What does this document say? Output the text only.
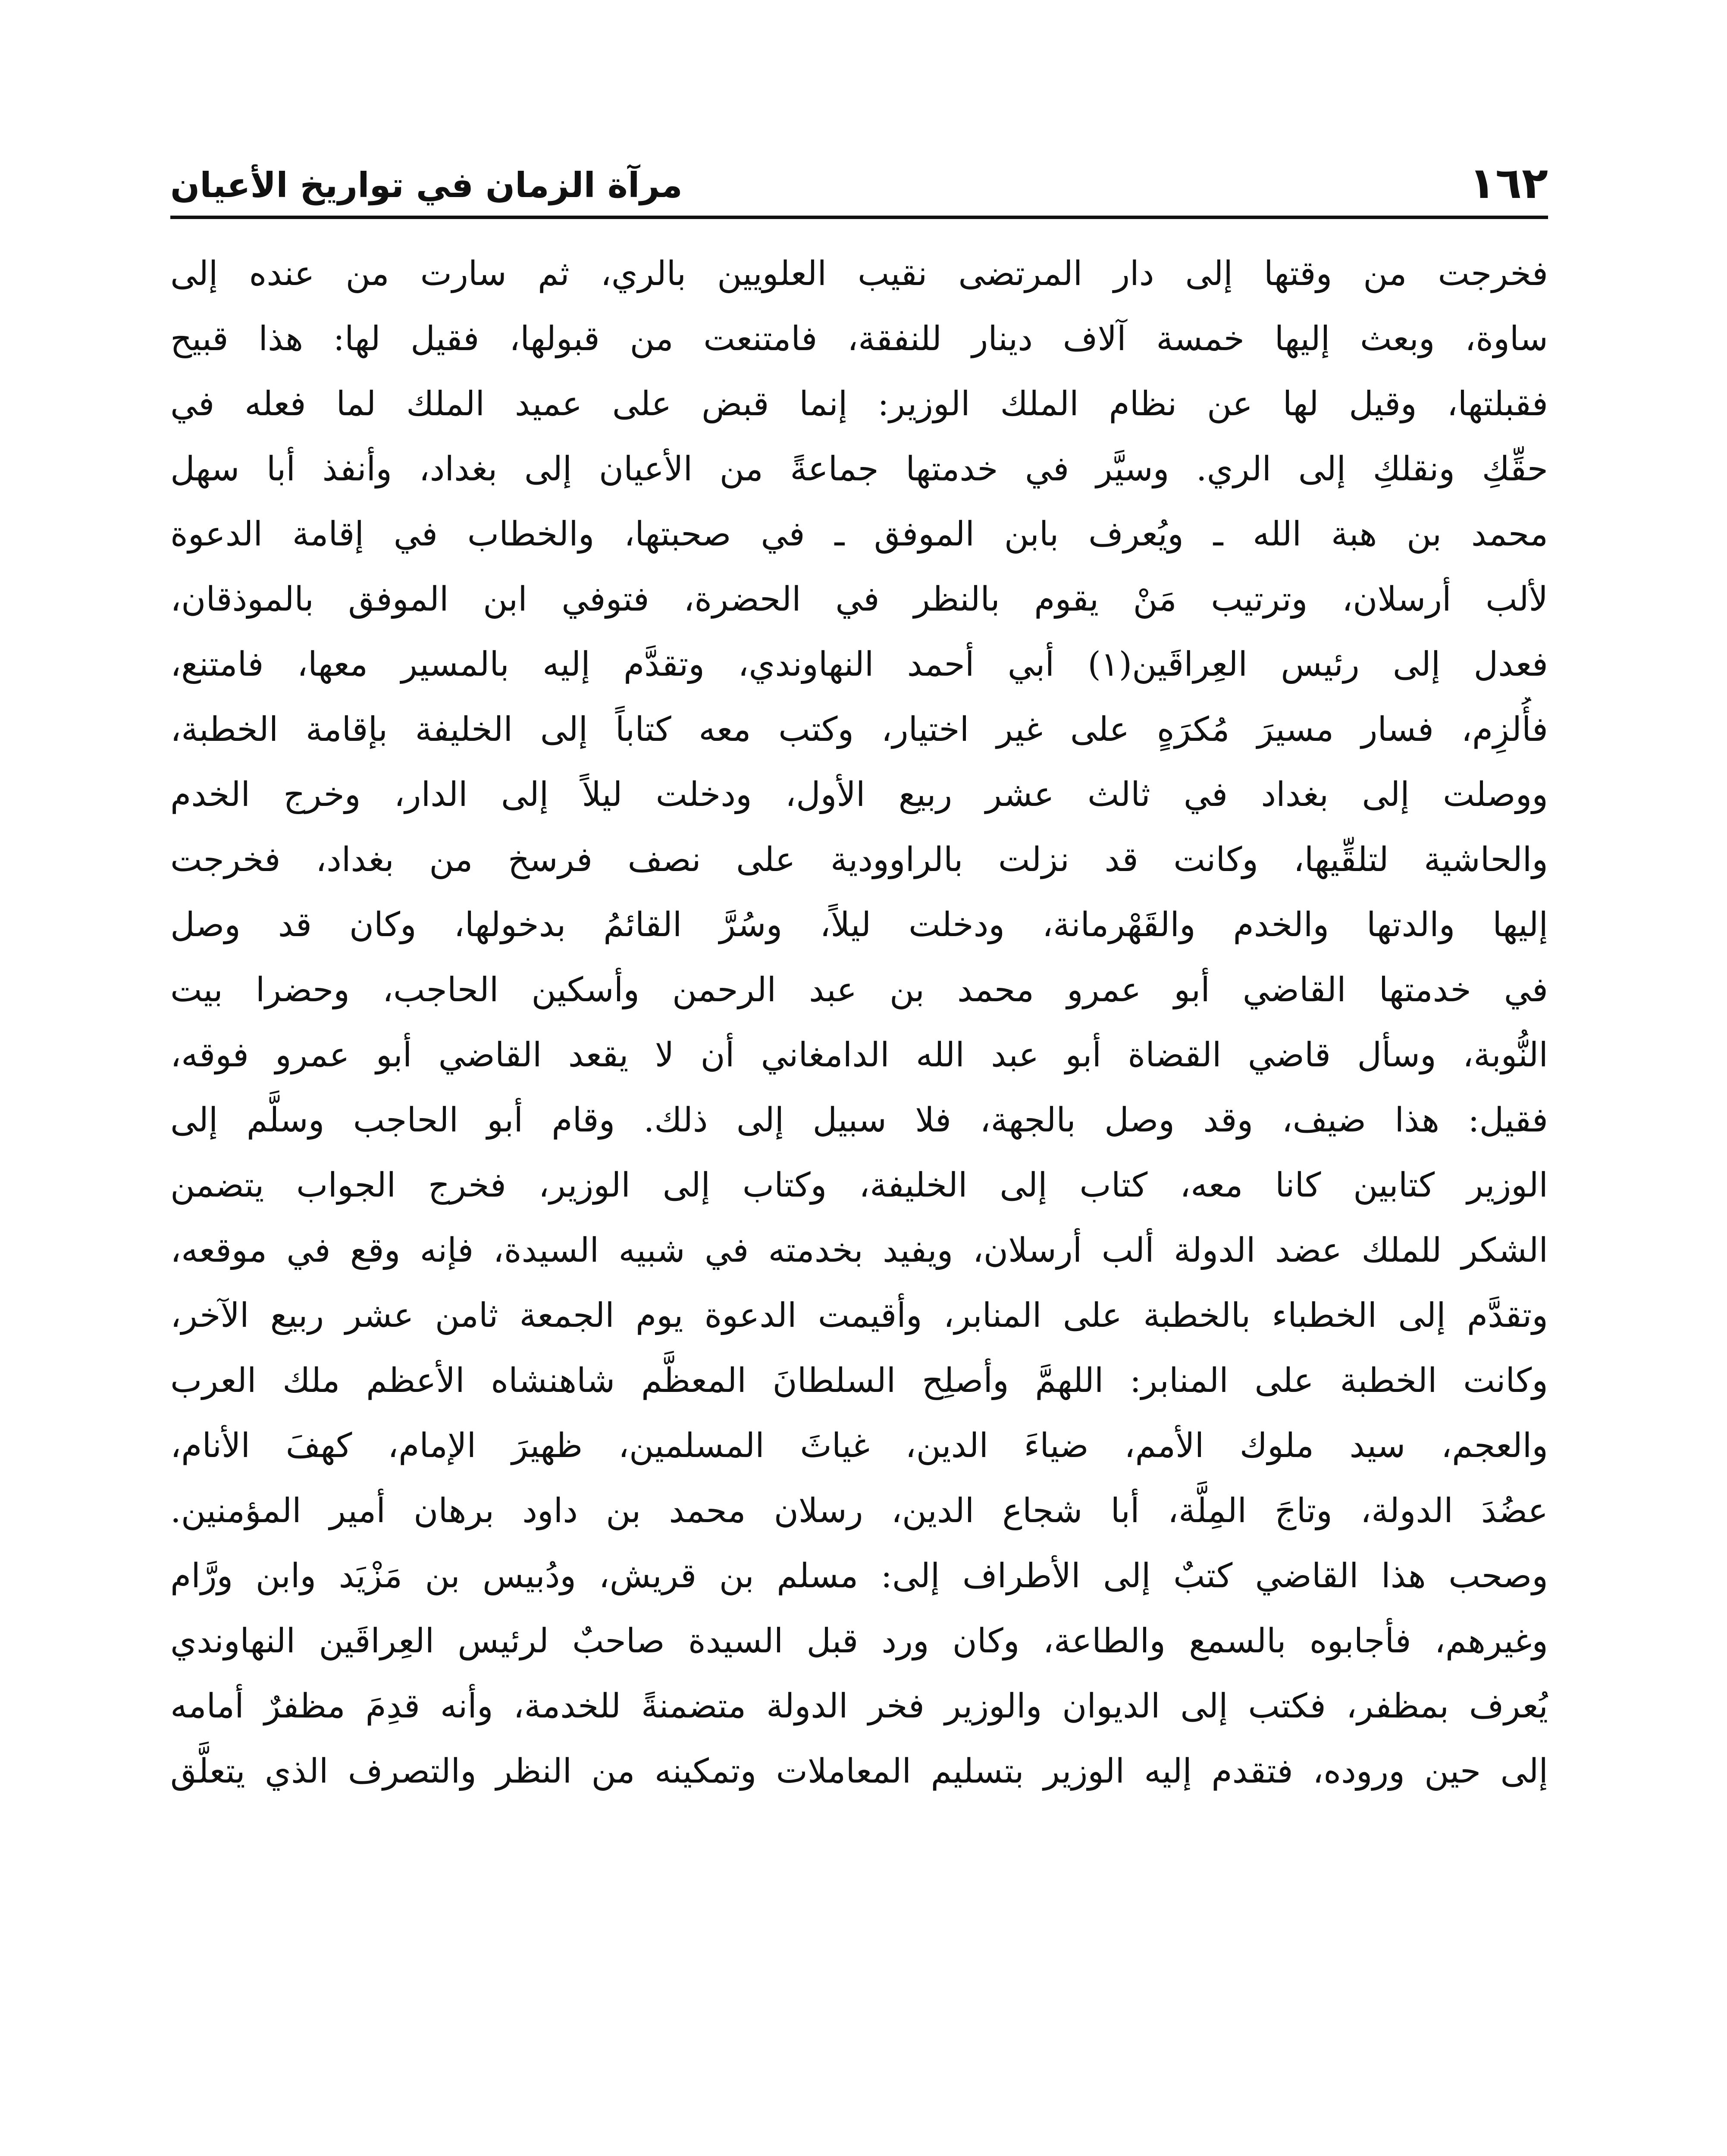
١٦٢
مرآة الزمان في تواريخ الأعيان
فخرجت من وقتها إلى دار المرتضى نقيب العلويين بالري، ثم سارت من عنده إلى
ساوة، وبعث إليها خمسة آلاف دينار للنفقة، فامتنعت من قبولها، فقيل لها: هذا قبيح
فقبلتها، وقيل لها عن نظام الملك الوزير: إنما قبض على عميد الملك لما فعله في
حقِّكِ ونقلكِ إلى الري. وسيَّر في خدمتها جماعةً من الأعيان إلى بغداد، وأنفذ أبا سهل
محمد بن هبة الله ـ ويُعرف بابن الموفق ـ في صحبتها، والخطاب في إقامة الدعوة
لألب أرسلان، وترتيب مَنْ يقوم بالنظر في الحضرة، فتوفي ابن الموفق بالموذقان،
فعدل إلى رئيس العِراقَين(١) أبي أحمد النهاوندي، وتقدَّم إليه بالمسير معها، فامتنع،
فأُلزِم، فسار مسيرَ مُكرَهٍ على غير اختيار، وكتب معه كتاباً إلى الخليفة بإقامة الخطبة،
ووصلت إلى بغداد في ثالث عشر ربيع الأول، ودخلت ليلاً إلى الدار، وخرج الخدم
والحاشية لتلقِّيها، وكانت قد نزلت بالراوودية على نصف فرسخ من بغداد، فخرجت
إليها والدتها والخدم والقَهْرمانة، ودخلت ليلاً، وسُرَّ القائمُ بدخولها، وكان قد وصل
في خدمتها القاضي أبو عمرو محمد بن عبد الرحمن وأسكين الحاجب، وحضرا بيت
النُّوبة، وسأل قاضي القضاة أبو عبد الله الدامغاني أن لا يقعد القاضي أبو عمرو فوقه،
فقيل: هذا ضيف، وقد وصل بالجهة، فلا سبيل إلى ذلك. وقام أبو الحاجب وسلَّم إلى
الوزير كتابين كانا معه، كتاب إلى الخليفة، وكتاب إلى الوزير، فخرج الجواب يتضمن
الشكر للملك عضد الدولة ألب أرسلان، ويفيد بخدمته في شبيه السيدة، فإنه وقع في موقعه،
وتقدَّم إلى الخطباء بالخطبة على المنابر، وأقيمت الدعوة يوم الجمعة ثامن عشر ربيع الآخر،
وكانت الخطبة على المنابر: اللهمَّ وأصلِح السلطانَ المعظَّم شاهنشاه الأعظم ملك العرب
والعجم، سيد ملوك الأمم، ضياءَ الدين، غياثَ المسلمين، ظهيرَ الإمام، كهفَ الأنام،
عضُدَ الدولة، وتاجَ المِلَّة، أبا شجاع الدين، رسلان محمد بن داود برهان أمير المؤمنين.
وصحب هذا القاضي كتبٌ إلى الأطراف إلى: مسلم بن قريش، ودُبيس بن مَزْيَد وابن ورَّام
وغيرهم، فأجابوه بالسمع والطاعة، وكان ورد قبل السيدة صاحبٌ لرئيس العِراقَين النهاوندي
يُعرف بمظفر، فكتب إلى الديوان والوزير فخر الدولة متضمنةً للخدمة، وأنه قدِمَ مظفرٌ أمامه
إلى حين وروده، فتقدم إليه الوزير بتسليم المعاملات وتمكينه من النظر والتصرف الذي يتعلَّق
